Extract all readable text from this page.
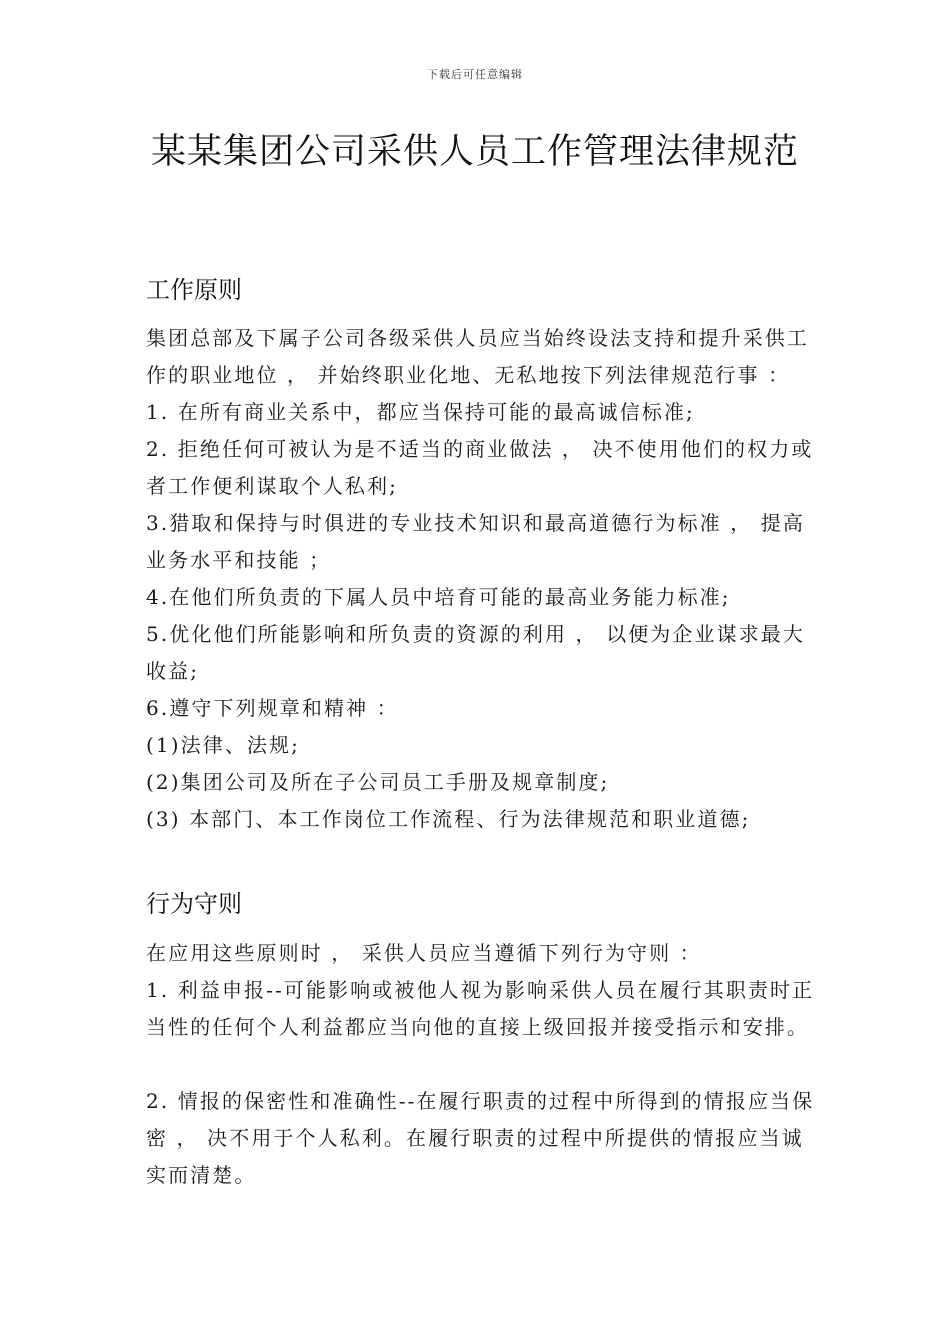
下载后可任意编辑
某某集团公司采供人员工作管理法律规范
工作原则

集团总部及下属子公司各级采供人员应当始终设法支持和提升采供工作的职业地位 ， 并始终职业化地、无私地按下列法律规范行事 ：

1. 在所有商业关系中，都应当保持可能的最高诚信标准;

2. 拒绝任何可被认为是不适当的商业做法 ， 决不使用他们的权力或者工作便利谋取个人私利;

3.猎取和保持与时俱进的专业技术知识和最高道德行为标准 ， 提高业务水平和技能 ；

4.在他们所负责的下属人员中培育可能的最高业务能力标准;

5.优化他们所能影响和所负责的资源的利用 ， 以便为企业谋求最大收益;

6.遵守下列规章和精神 ：

(1)法律、法规;

(2)集团公司及所在子公司员工手册及规章制度;

(3) 本部门、本工作岗位工作流程、行为法律规范和职业道德;

行为守则

在应用这些原则时 ， 采供人员应当遵循下列行为守则 ：

1. 利益申报--可能影响或被他人视为影响采供人员在履行其职责时正当性的任何个人利益都应当向他的直接上级回报并接受指示和安排。

2. 情报的保密性和准确性--在履行职责的过程中所得到的情报应当保密 ， 决不用于个人私利。在履行职责的过程中所提供的情报应当诚实而清楚。
